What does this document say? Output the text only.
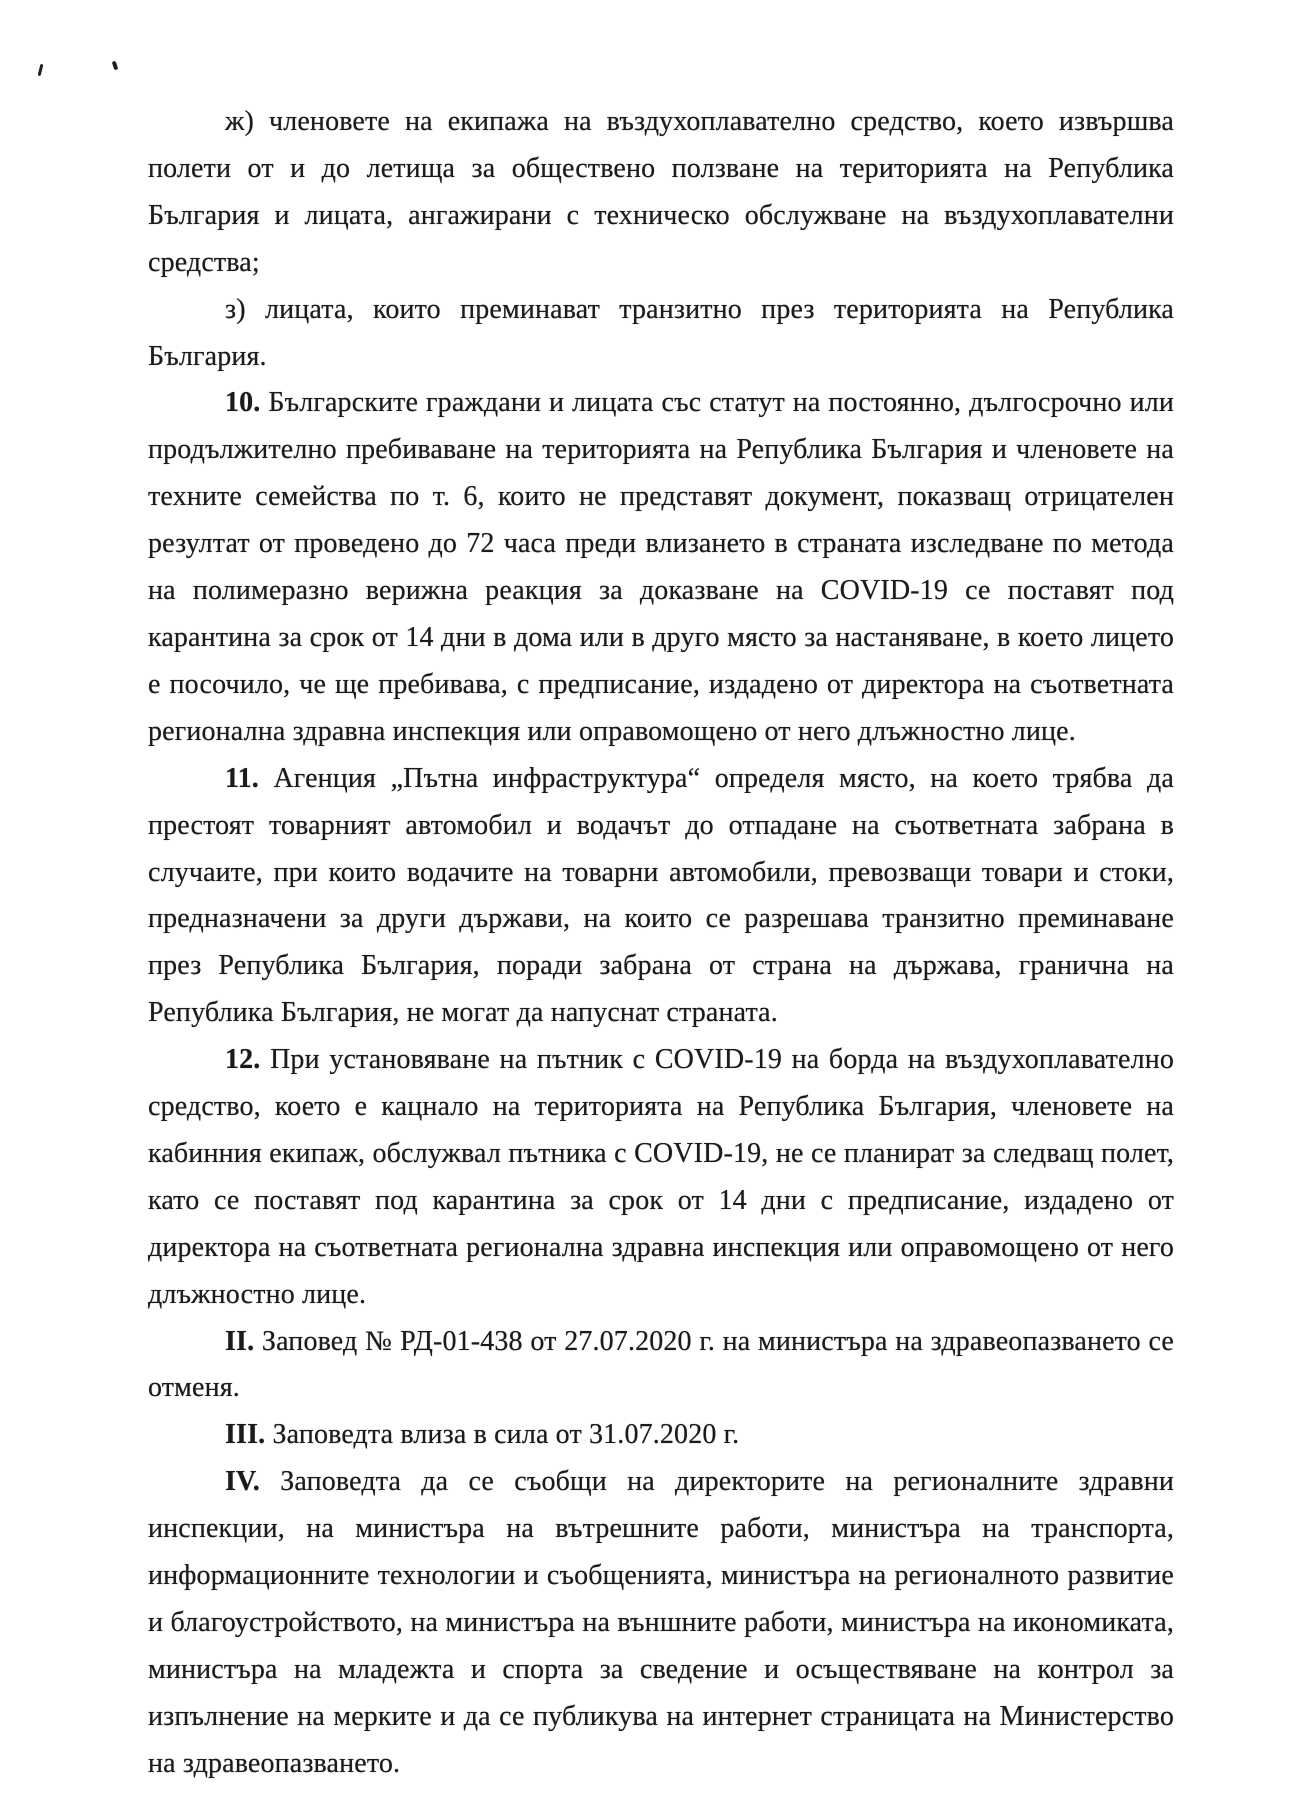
ж) членовете на екипажа на въздухоплавателно средство, което извършва полети от и до летища за обществено ползване на територията на Република България и лицата, ангажирани с техническо обслужване на въздухоплавателни средства;

з) лицата, които преминават транзитно през територията на Република България.

10. Българските граждани и лицата със статут на постоянно, дългосрочно или продължително пребиваване на територията на Република България и членовете на техните семейства по т. 6, които не представят документ, показващ отрицателен резултат от проведено до 72 часа преди влизането в страната изследване по метода на полимеразно верижна реакция за доказване на COVID-19 се поставят под карантина за срок от 14 дни в дома или в друго място за настаняване, в което лицето е посочило, че ще пребивава, с предписание, издадено от директора на съответната регионална здравна инспекция или оправомощено от него длъжностно лице.

11. Агенция „Пътна инфраструктура“ определя място, на което трябва да престоят товарният автомобил и водачът до отпадане на съответната забрана в случаите, при които водачите на товарни автомобили, превозващи товари и стоки, предназначени за други държави, на които се разрешава транзитно преминаване през Република България, поради забрана от страна на държава, гранична на Република България, не могат да напуснат страната.

12. При установяване на пътник с COVID-19 на борда на въздухоплавателно средство, което е кацнало на територията на Република България, членовете на кабинния екипаж, обслужвал пътника с COVID-19, не се планират за следващ полет, като се поставят под карантина за срок от 14 дни с предписание, издадено от директора на съответната регионална здравна инспекция или оправомощено от него длъжностно лице.

II. Заповед № РД-01-438 от 27.07.2020 г. на министъра на здравеопазването се отменя.

III. Заповедта влиза в сила от 31.07.2020 г.

IV. Заповедта да се съобщи на директорите на регионалните здравни инспекции, на министъра на вътрешните работи, министъра на транспорта, информационните технологии и съобщенията, министъра на регионалното развитие и благоустройството, на министъра на външните работи, министъра на икономиката, министъра на младежта и спорта за сведение и осъществяване на контрол за изпълнение на мерките и да се публикува на интернет страницата на Министерство на здравеопазването.
